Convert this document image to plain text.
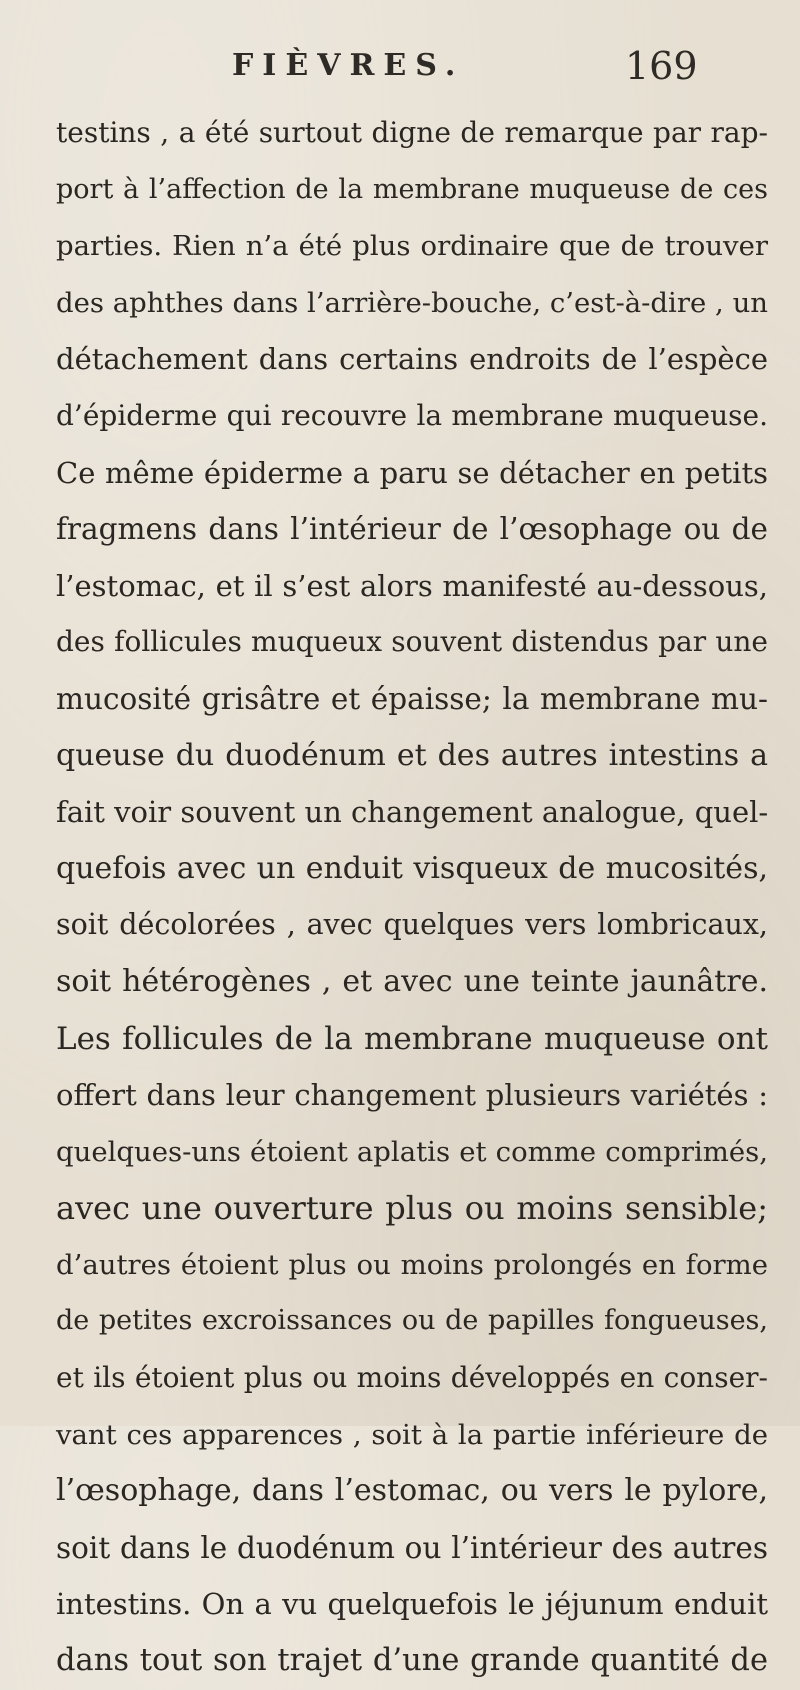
FIÈVRES.	169
testins , a été surtout digne de remarque par rap-
port à l’affection de la membrane muqueuse de ces
parties. Rien n’a été plus ordinaire que de trouver
des aphthes dans l’arrière-bouche, c’est-à-dire , un
détachement dans certains endroits de l’espèce
d’épiderme qui recouvre la membrane muqueuse.
Ce même épiderme a paru se détacher en petits
fragmens dans l’intérieur de l’œsophage ou de
l’estomac, et il s’est alors manifesté au-dessous,
des follicules muqueux souvent distendus par une
mucosité grisâtre et épaisse; la membrane mu-
queuse du duodénum et des autres intestins a
fait voir souvent un changement analogue, quel-
quefois avec un enduit visqueux de mucosités,
soit décolorées , avec quelques vers lombricaux,
soit hétérogènes , et avec une teinte jaunâtre.
Les follicules de la membrane muqueuse ont
offert dans leur changement plusieurs variétés :
quelques-uns étoient aplatis et comme comprimés,
avec une ouverture plus ou moins sensible;
d’autres étoient plus ou moins prolongés en forme
de petites excroissances ou de papilles fongueuses,
et ils étoient plus ou moins développés en conser-
vant ces apparences , soit à la partie inférieure de
l’œsophage, dans l’estomac, ou vers le pylore,
soit dans le duodénum ou l’intérieur des autres
intestins. On a vu quelquefois le jéjunum enduit
dans tout son trajet d’une grande quantité de
